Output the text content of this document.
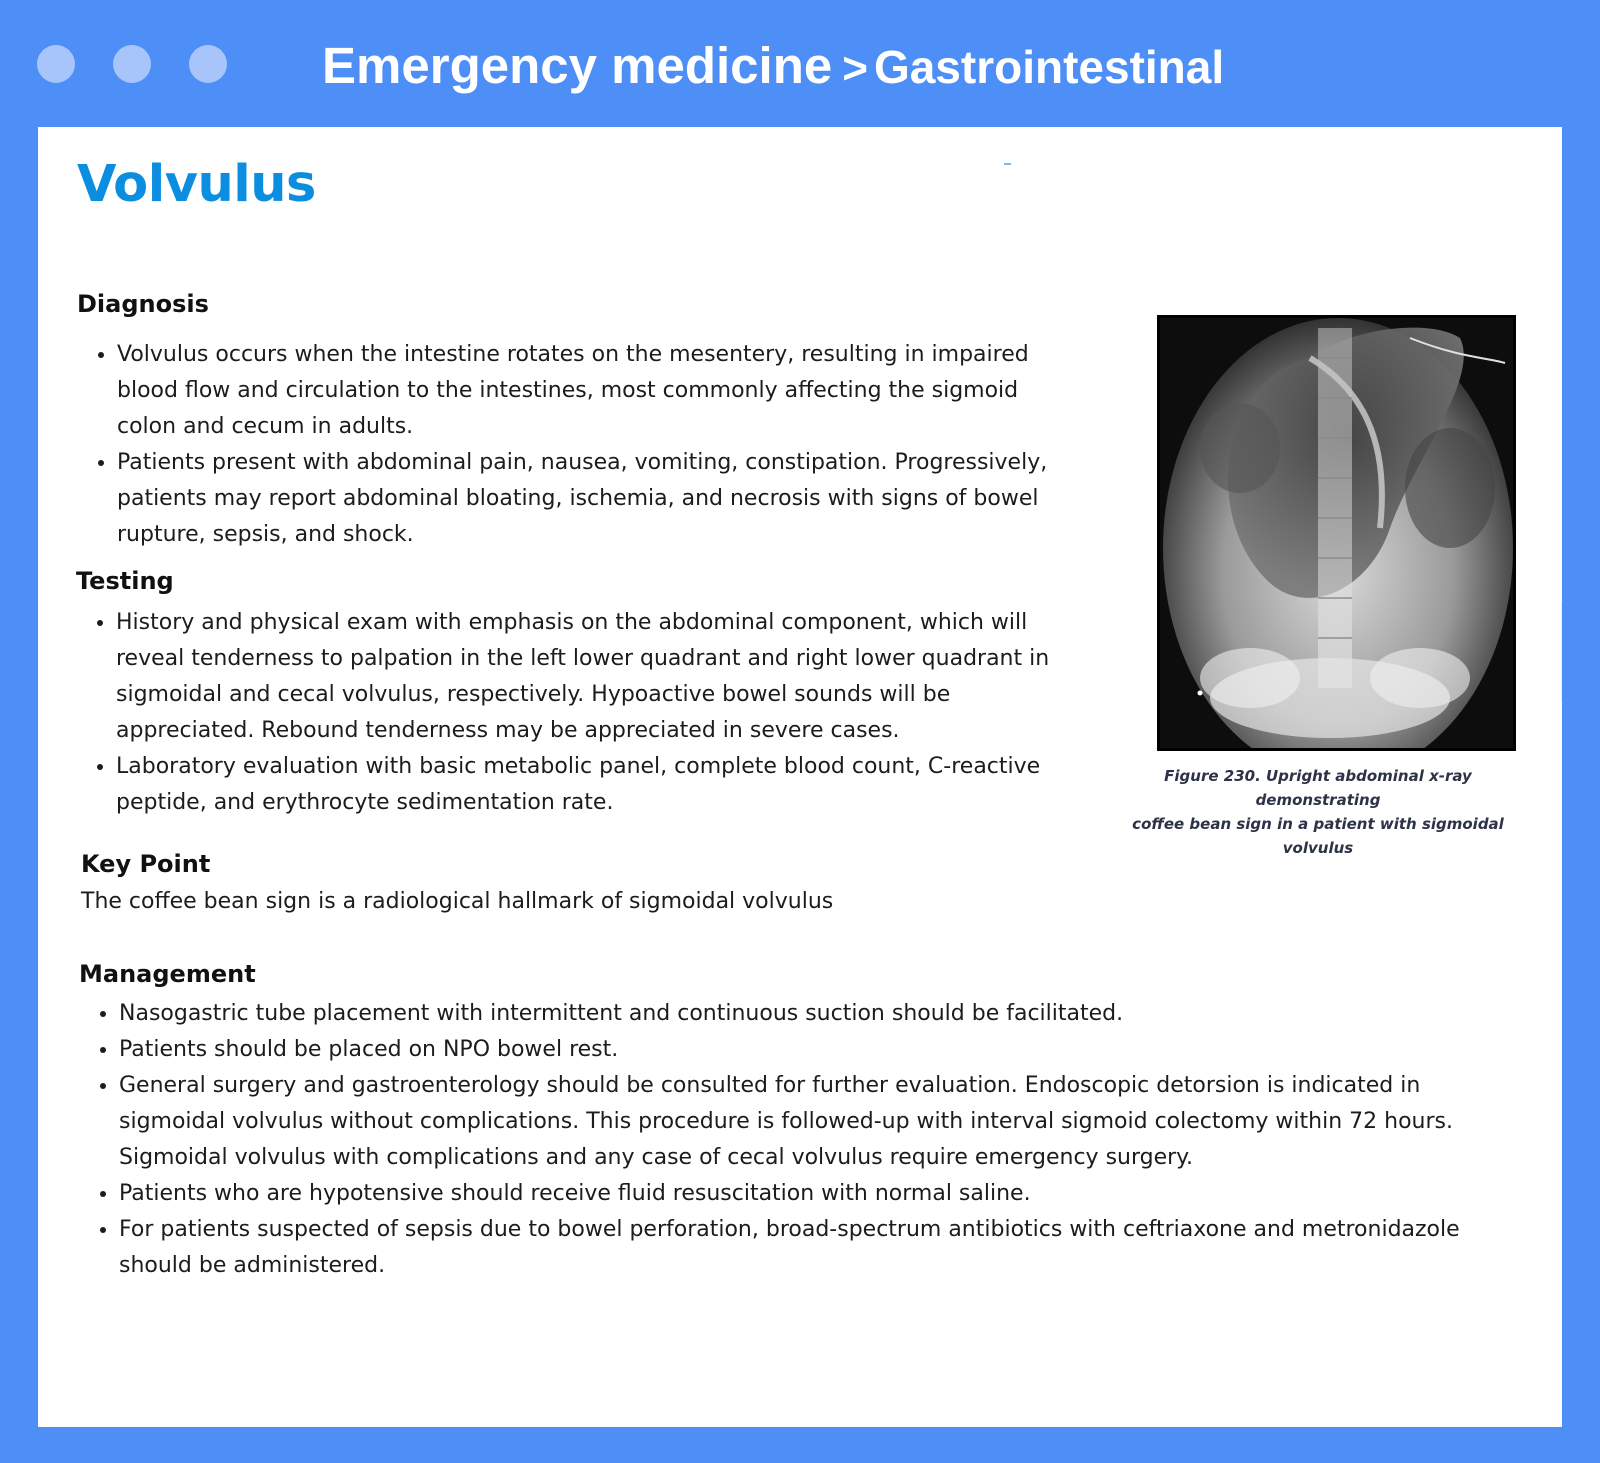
Emergency medicine > Gastrointestinal
Volvulus
Diagnosis
• Volvulus occurs when the intestine rotates on the mesentery, resulting in impaired blood flow and circulation to the intestines, most commonly affecting the sigmoid colon and cecum in adults.
• Patients present with abdominal pain, nausea, vomiting, constipation. Progressively, patients may report abdominal bloating, ischemia, and necrosis with signs of bowel rupture, sepsis, and shock.
Testing
• History and physical exam with emphasis on the abdominal component, which will reveal tenderness to palpation in the left lower quadrant and right lower quadrant in sigmoidal and cecal volvulus, respectively. Hypoactive bowel sounds will be appreciated. Rebound tenderness may be appreciated in severe cases.
• Laboratory evaluation with basic metabolic panel, complete blood count, C-reactive peptide, and erythrocyte sedimentation rate.
Key Point

The coffee bean sign is a radiological hallmark of sigmoidal volvulus

Management
• Nasogastric tube placement with intermittent and continuous suction should be facilitated.
• Patients should be placed on NPO bowel rest.
• General surgery and gastroenterology should be consulted for further evaluation. Endoscopic detorsion is indicated in sigmoidal volvulus without complications. This procedure is followed-up with interval sigmoid colectomy within 72 hours. Sigmoidal volvulus with complications and any case of cecal volvulus require emergency surgery.
• Patients who are hypotensive should receive fluid resuscitation with normal saline.
• For patients suspected of sepsis due to bowel perforation, broad-spectrum antibiotics with ceftriaxone and metronidazole should be administered.
Figure 230. Upright abdominal x-ray demonstrating
coffee bean sign in a patient with sigmoidal volvulus
